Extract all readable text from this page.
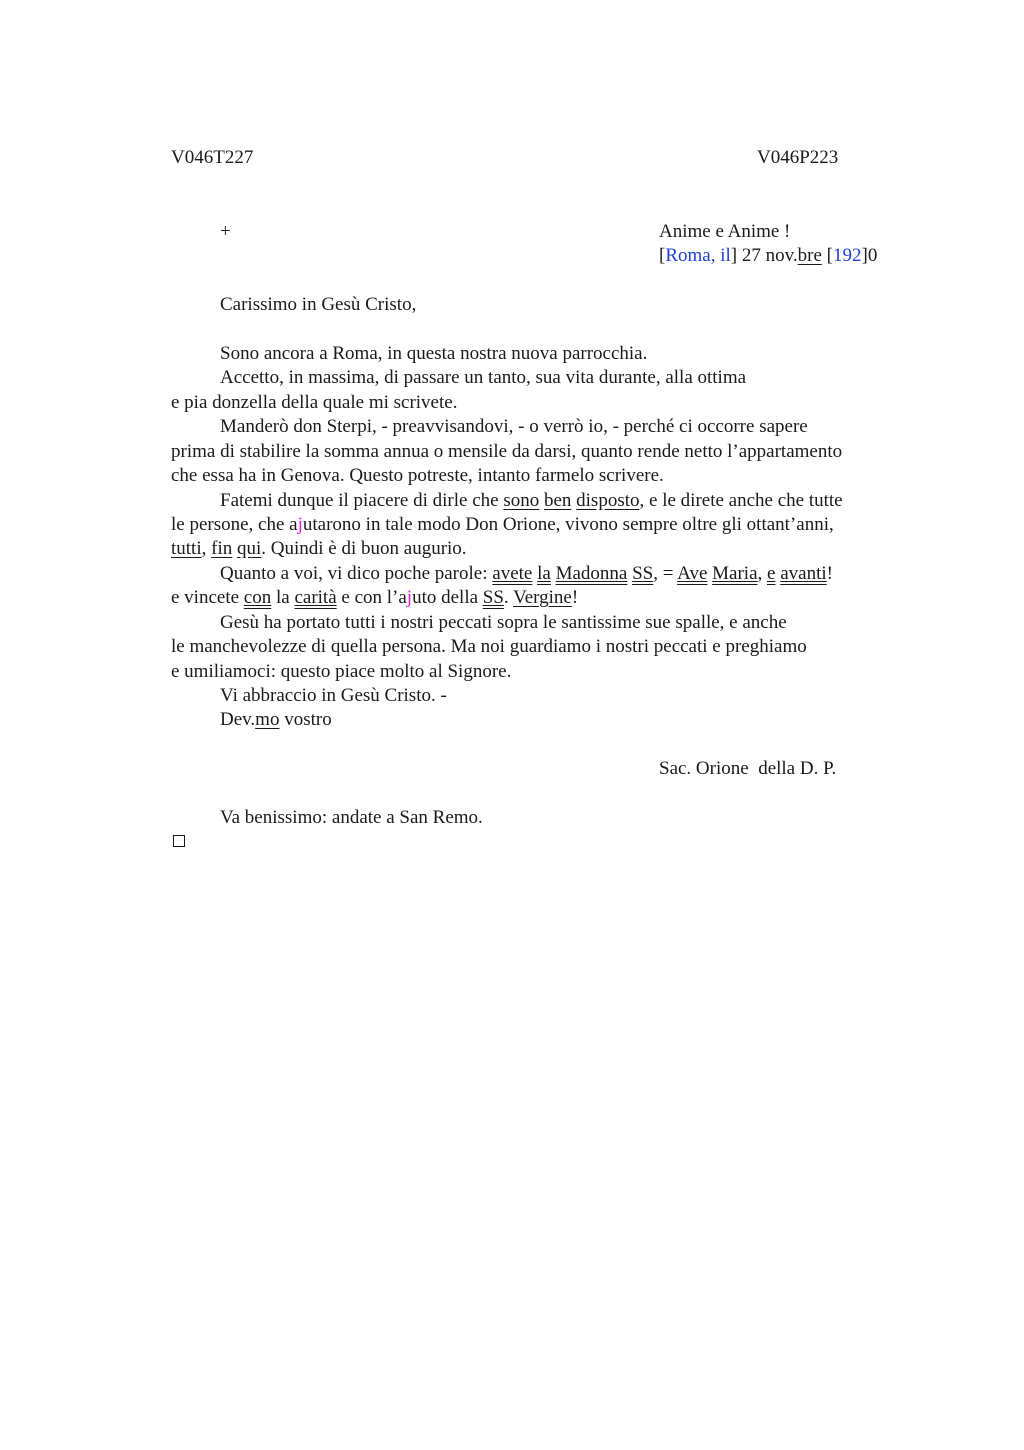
V046T227	V046P223
+	Anime e Anime !
[Roma, il] 27 nov.bre [192]0
Carissimo in Gesù Cristo,
Sono ancora a Roma, in questa nostra nuova parrocchia.
Accetto, in massima, di passare un tanto, sua vita durante, alla ottima
e pia donzella della quale mi scrivete.
Manderò don Sterpi, - preavvisandovi, - o verrò io, - perché ci occorre sapere
prima di stabilire la somma annua o mensile da darsi, quanto rende netto l’appartamento
che essa ha in Genova. Questo potreste, intanto farmelo scrivere.
Fatemi dunque il piacere di dirle che sono ben disposto, e le direte anche che tutte
le persone, che ajutarono in tale modo Don Orione, vivono sempre oltre gli ottant’anni,
tutti, fin qui. Quindi è di buon augurio.
Quanto a voi, vi dico poche parole: avete la Madonna SS, = Ave Maria, e avanti!
e vincete con la carità e con l’ajuto della SS. Vergine!
Gesù ha portato tutti i nostri peccati sopra le santissime sue spalle, e anche
le manchevolezze di quella persona. Ma noi guardiamo i nostri peccati e preghiamo
e umiliamoci: questo piace molto al Signore.
Vi abbraccio in Gesù Cristo. -
Dev.mo vostro
Sac. Orione  della D. P.
Va benissimo: andate a San Remo.
